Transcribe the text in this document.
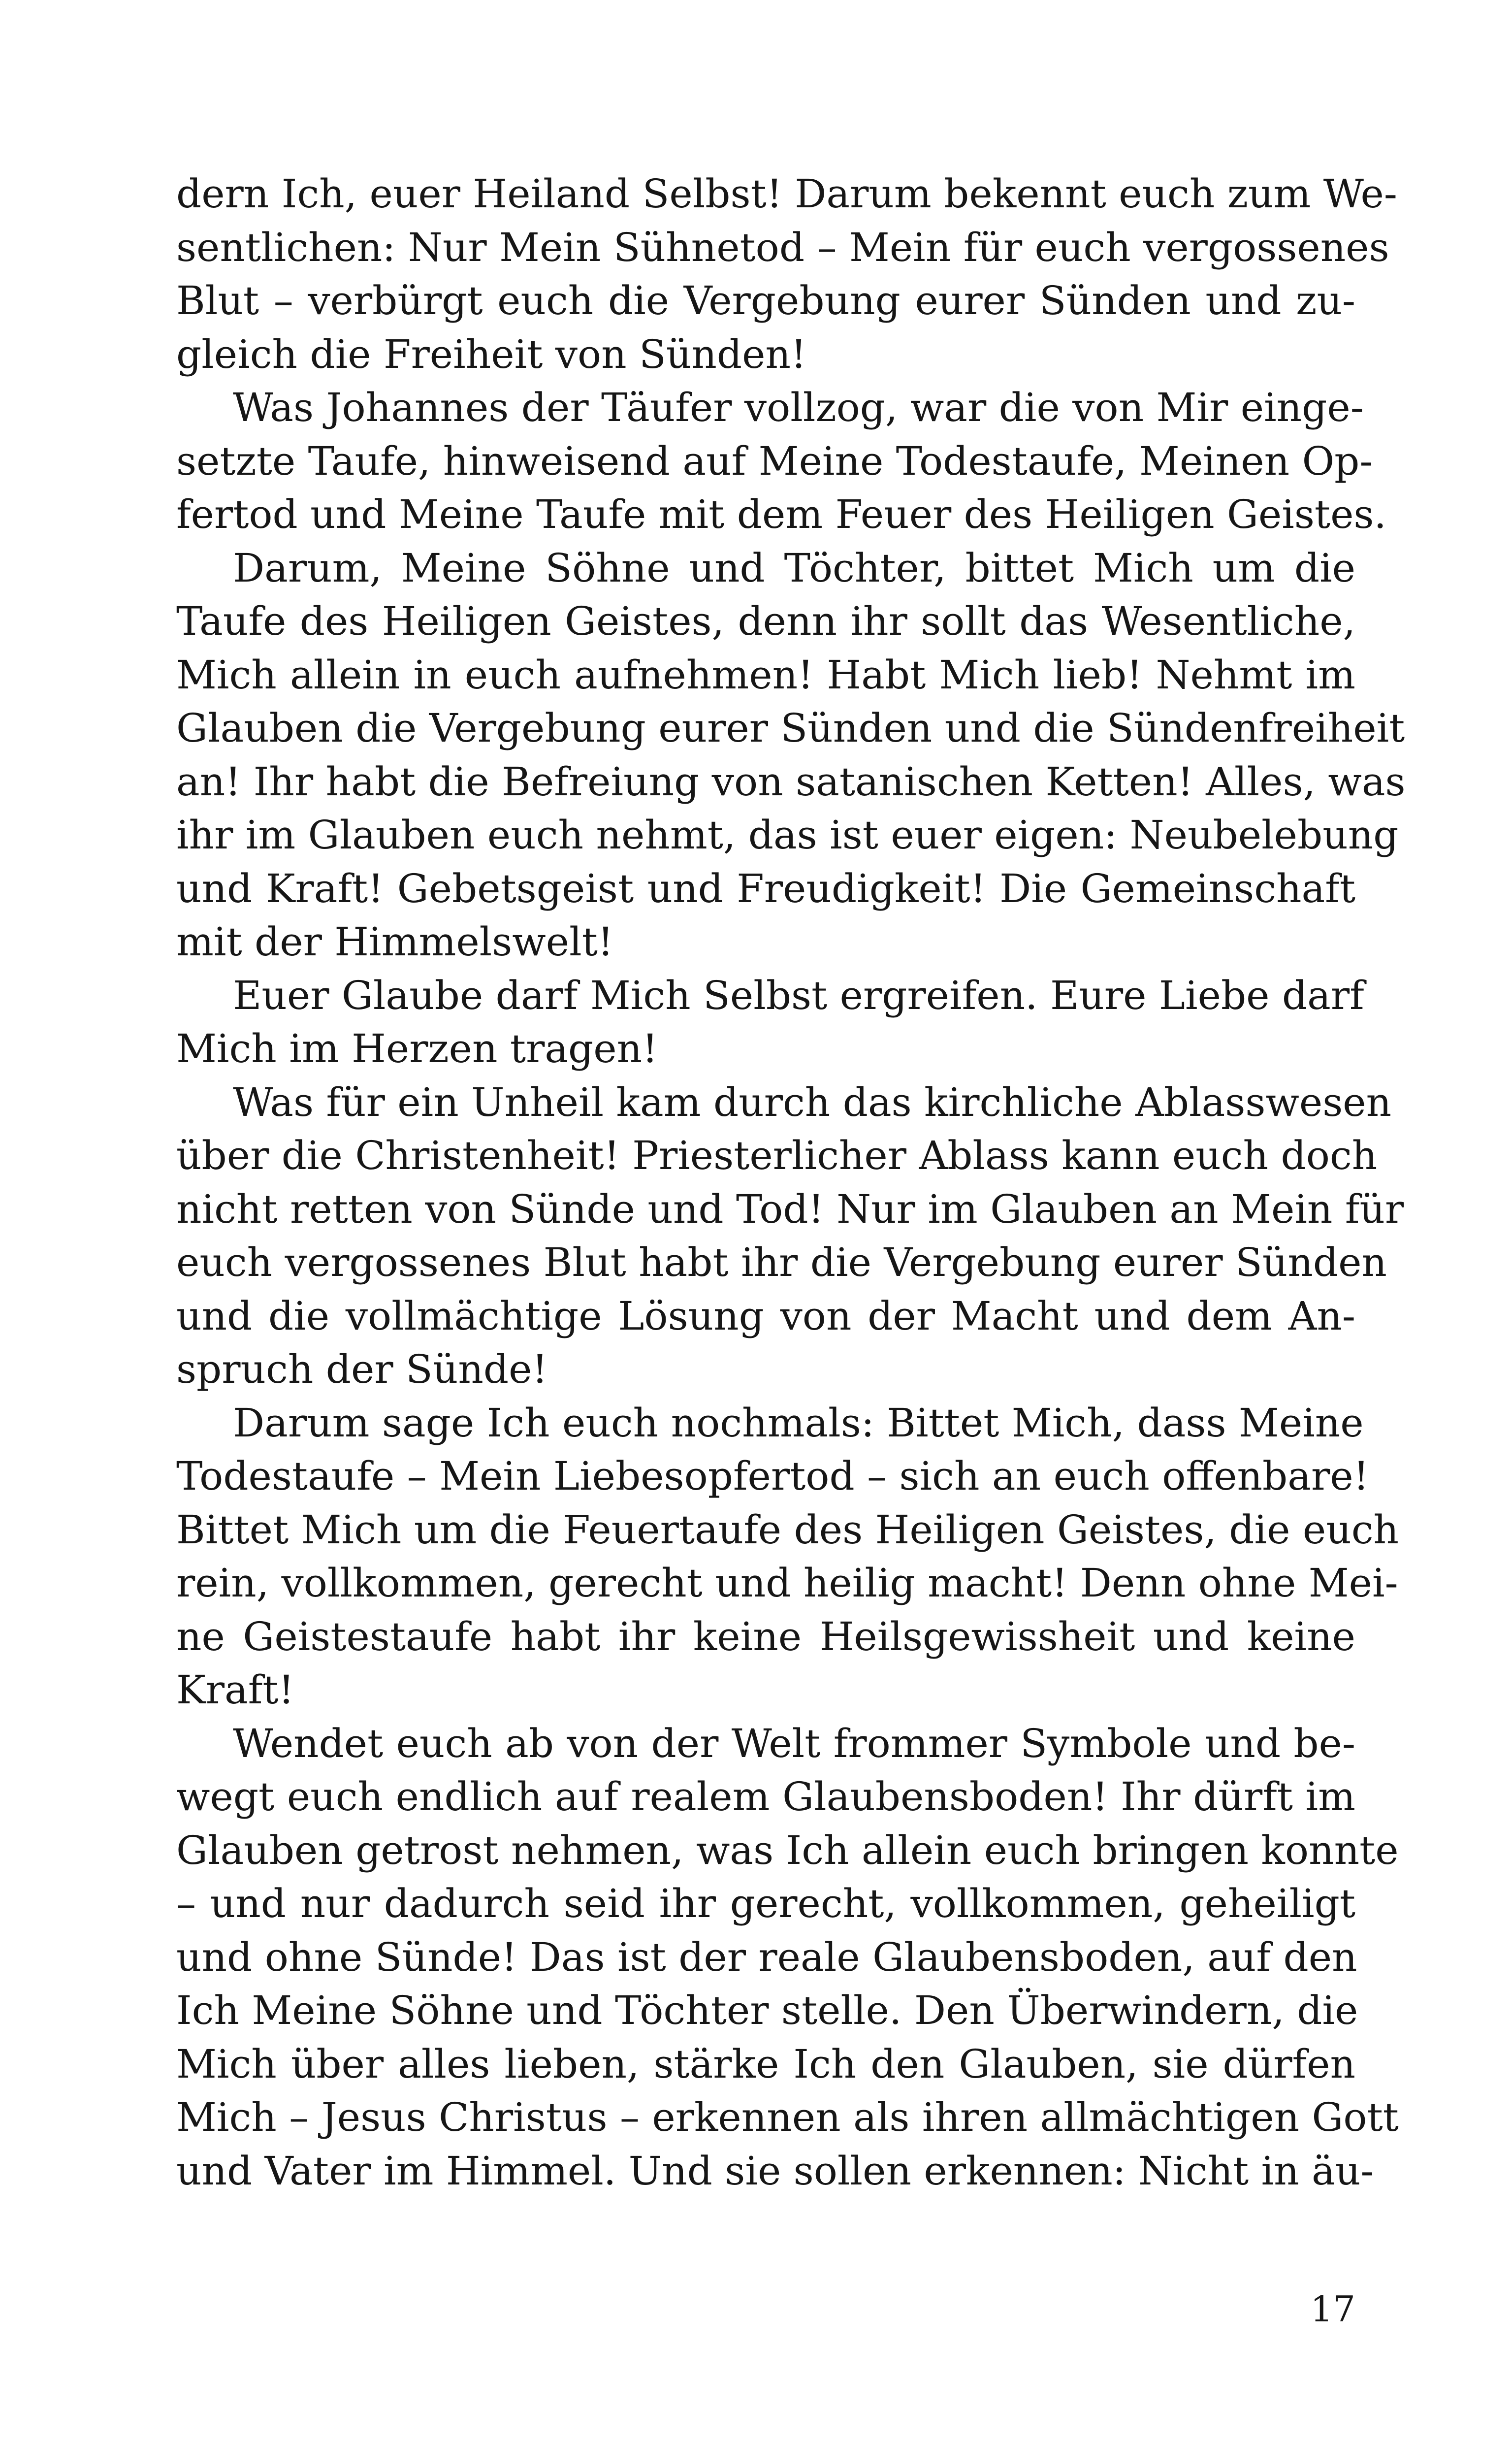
dern Ich, euer Heiland Selbst! Darum bekennt euch zum We-
sentlichen: Nur Mein Sühnetod – Mein für euch vergossenes
Blut – verbürgt euch die Vergebung eurer Sünden und zu-
gleich die Freiheit von Sünden!

Was Johannes der Täufer vollzog, war die von Mir einge-
setzte Taufe, hinweisend auf Meine Todestaufe, Meinen Op-
fertod und Meine Taufe mit dem Feuer des Heiligen Geistes.

Darum, Meine Söhne und Töchter, bittet Mich um die
Taufe des Heiligen Geistes, denn ihr sollt das Wesentliche,
Mich allein in euch aufnehmen! Habt Mich lieb! Nehmt im
Glauben die Vergebung eurer Sünden und die Sündenfreiheit
an! Ihr habt die Befreiung von satanischen Ketten! Alles, was
ihr im Glauben euch nehmt, das ist euer eigen: Neubelebung
und Kraft! Gebetsgeist und Freudigkeit! Die Gemeinschaft
mit der Himmelswelt!

Euer Glaube darf Mich Selbst ergreifen. Eure Liebe darf
Mich im Herzen tragen!

Was für ein Unheil kam durch das kirchliche Ablasswesen
über die Christenheit! Priesterlicher Ablass kann euch doch
nicht retten von Sünde und Tod! Nur im Glauben an Mein für
euch vergossenes Blut habt ihr die Vergebung eurer Sünden
und die vollmächtige Lösung von der Macht und dem An-
spruch der Sünde!

Darum sage Ich euch nochmals: Bittet Mich, dass Meine
Todestaufe – Mein Liebesopfertod – sich an euch offenbare!
Bittet Mich um die Feuertaufe des Heiligen Geistes, die euch
rein, vollkommen, gerecht und heilig macht! Denn ohne Mei-
ne Geistestaufe habt ihr keine Heilsgewissheit und keine
Kraft!

Wendet euch ab von der Welt frommer Symbole und be-
wegt euch endlich auf realem Glaubensboden! Ihr dürft im
Glauben getrost nehmen, was Ich allein euch bringen konnte
– und nur dadurch seid ihr gerecht, vollkommen, geheiligt
und ohne Sünde! Das ist der reale Glaubensboden, auf den
Ich Meine Söhne und Töchter stelle. Den Überwindern, die
Mich über alles lieben, stärke Ich den Glauben, sie dürfen
Mich – Jesus Christus – erkennen als ihren allmächtigen Gott
und Vater im Himmel. Und sie sollen erkennen: Nicht in äu-

17
